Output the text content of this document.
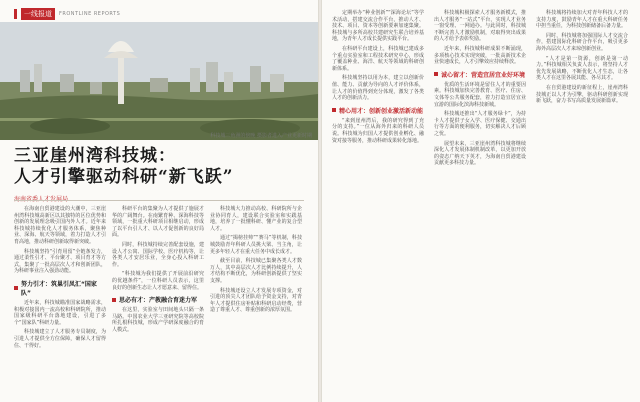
一线报道	FRONTLINE REPORTS
科技城三角洲的傍晚 摄影者进入产业更新时期
三亚崖州湾科技城：
人才引擎驱动科研“新飞跃”

在海南自贸港建设的大潮中，三亚崖州湾科技城高新区以其独特的区位优势和创新的发展理念吸引国内外人才。近年来科技城持续优化人才服务体系，聚焦种业、深海、航天等领域，着力打造人才引育高地，推动科研创新取得新突破。

科技城坚持“引育用留”全链条发力，通过柔性引才、平台聚才、项目育才等方式，集聚了一批高层次人才和创新团队，为科研事业注入强劲动能。

努力引才：筑巢引凤汇“国家队”

近年来，科技城瞄准国家战略需求，积极对接国内一流高校和科研院所，推动国家级科研平台落地建设，引进了多个“国家队”科研力量。

科技城建立了人才服务专员制度，为引进人才提供全方位保障，确保人才留得住、干得好。

科研平台的集聚为人才提供了施展才华的广阔舞台。在南繁育种、深海科技等领域，一批重大科研项目相继启动，形成了以平台引人才、以人才促创新的良好局面。

同时，科技城持续完善配套设施，建设人才公寓、国际学校、医疗机构等，让各类人才安居乐业，全身心投入科研工作。

“科技城为我们提供了开展前沿研究的优越条件”，一位科研人员表示，这里良好的创新生态让人才愿意来、留得住。

思必有才：产教融合育迷力军

在这里，实验室与田间地头只隔一条马路。中国农业大学三亚研究院等高校院所扎根科技城，形成产学研深度融合的育人模式。

科技城大力推动高校、科研院所与企业协同育人，建设联合实验室和实践基地，培养了一批懂科研、懂产业的复合型人才。

通过“揭榜挂帅”“赛马”等机制，科技城鼓励青年科研人员挑大梁、当主角，让更多年轻人才在重大任务中成长成才。

截至目前，科技城已集聚各类人才数万人，其中高层次人才比例持续提升，人才结构不断优化，为科研创新提供了坚实支撑。

科技城还设立人才发展专项资金，对引进的顶尖人才团队给予资金支持，对青年人才提供住房补贴和科研启动经费，营造了尊重人才、尊重创新的浓厚氛围。

定期举办“种业创新”“深海论坛”等学术活动，搭建交流合作平台，推动人才、技术、项目、资本等创新要素加速集聚。科技城与多所高校共建研究生联合培养基地，为青年人才成长提供实践平台。

在科研平台建设上，科技城已建成多个重点实验室和工程技术研究中心，形成了覆盖种业、海洋、航天等领域的科研创新体系。

科技城坚持以用为本，建立以创新价值、能力、贡献为导向的人才评价体系，让人才的价值得到充分体现，激发了各类人才的创新活力。

精心用才：创新创业激活新动能

“来到崖州湾后，我的研究得到了充分的支持。”一位从海外归来的科研人员说。科技城为归国人才提供创业孵化、融资对接等服务，推动科研成果转化落地。

科技城积极探索人才服务新模式，推出人才服务“一站式”平台，实现人才业务一窗受理、一网通办。与此同时，科技城不断完善人才激励机制，对取得突出成果的人才给予表彰奖励。

近年来，科技城科研成果不断涌现，多项核心技术实现突破，一批高新技术企业快速成长，人才引擎效应持续释放。

诚心留才：营造宜居宜业好环境

优质的生活环境是留住人才的重要因素。科技城加快完善教育、医疗、住房、文体等公共服务配套，着力打造宜居宜业宜游的国际化滨海科技新城。

科技城还推出“人才服务绿卡”，为持卡人才提供子女入学、医疗保健、交通出行等方面的便利服务，切实解决人才后顾之忧。

展望未来，三亚崖州湾科技城将继续深化人才发展体制机制改革，以更加开放的姿态广纳天下英才，为海南自贸港建设贡献更多科技力量。

科技城将持续加大对青年科技人才的支持力度，鼓励青年人才在重大科研任务中担当重任，为科技创新储备后备力量。

同时，科技城将加强国际人才交流合作，搭建国际化科研合作平台，吸引更多海外高层次人才来琼创新创业。

“人才是第一资源，创新是第一动力。”科技城相关负责人表示，将坚持人才优先发展战略，不断优化人才生态，让各类人才在这里各展其能、各尽其才。

在自贸港建设的新征程上，崖州湾科技城正以人才为引擎，驱动科研创新实现新飞跃，奋力书写高质量发展新篇章。
